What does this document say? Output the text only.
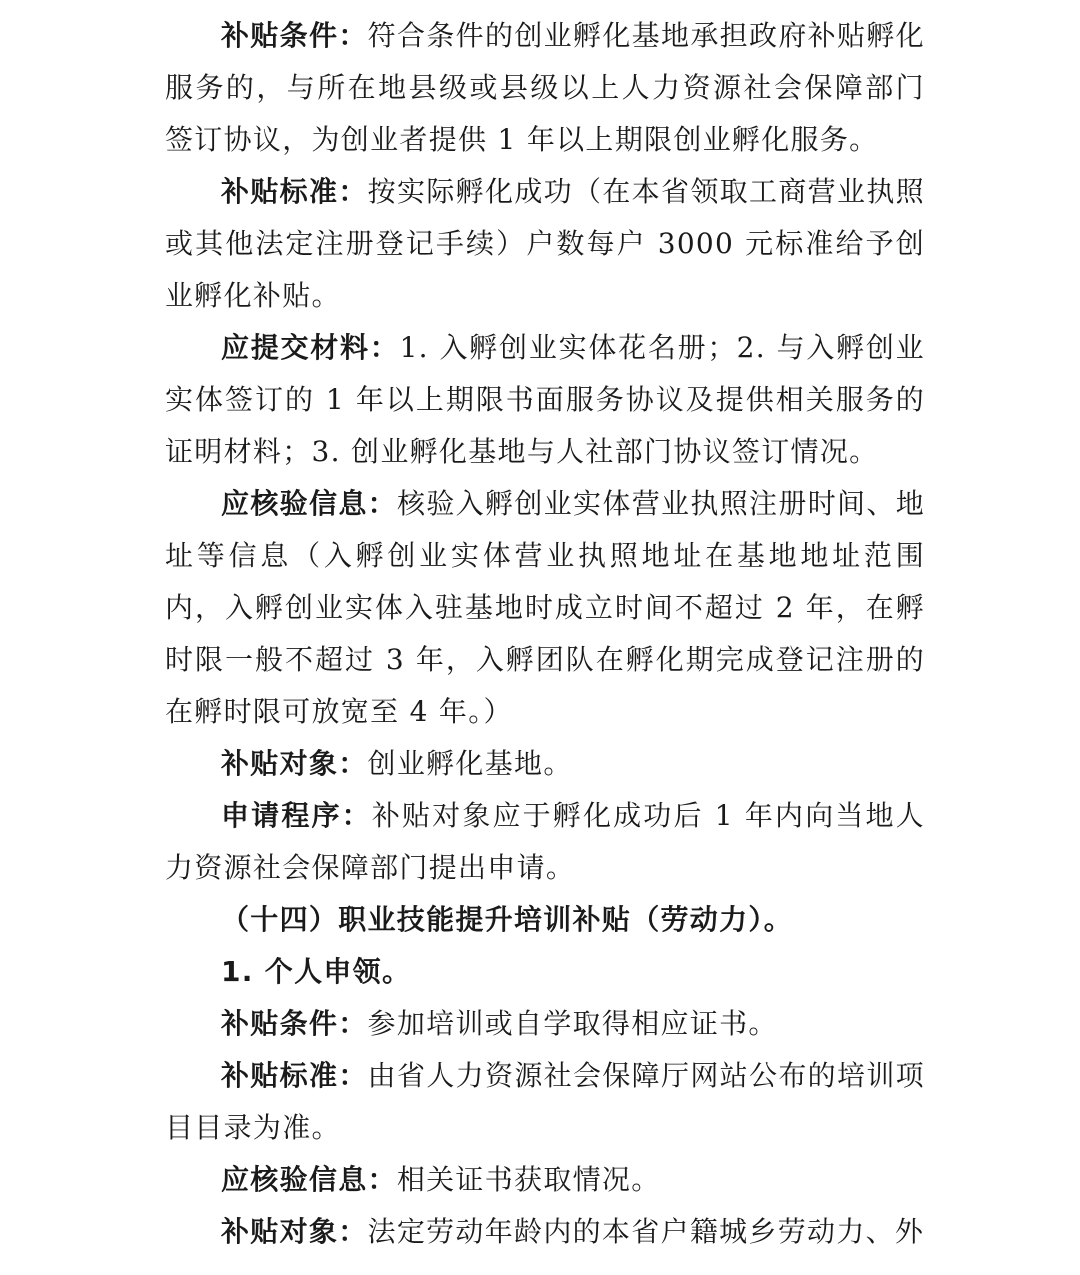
补贴条件：符合条件的创业孵化基地承担政府补贴孵化服务的，与所在地县级或县级以上人力资源社会保障部门签订协议，为创业者提供 1 年以上期限创业孵化服务。

补贴标准：按实际孵化成功（在本省领取工商营业执照或其他法定注册登记手续）户数每户 3000 元标准给予创业孵化补贴。

应提交材料：1. 入孵创业实体花名册；2. 与入孵创业实体签订的 1 年以上期限书面服务协议及提供相关服务的证明材料；3. 创业孵化基地与人社部门协议签订情况。

应核验信息：核验入孵创业实体营业执照注册时间、地址等信息（入孵创业实体营业执照地址在基地地址范围内，入孵创业实体入驻基地时成立时间不超过 2 年，在孵时限一般不超过 3 年，入孵团队在孵化期完成登记注册的在孵时限可放宽至 4 年。）

补贴对象：创业孵化基地。

申请程序：补贴对象应于孵化成功后 1 年内向当地人力资源社会保障部门提出申请。

（十四）职业技能提升培训补贴（劳动力）。

1. 个人申领。

补贴条件：参加培训或自学取得相应证书。

补贴标准：由省人力资源社会保障厅网站公布的培训项目目录为准。

应核验信息：相关证书获取情况。

补贴对象：法定劳动年龄内的本省户籍城乡劳动力、外
